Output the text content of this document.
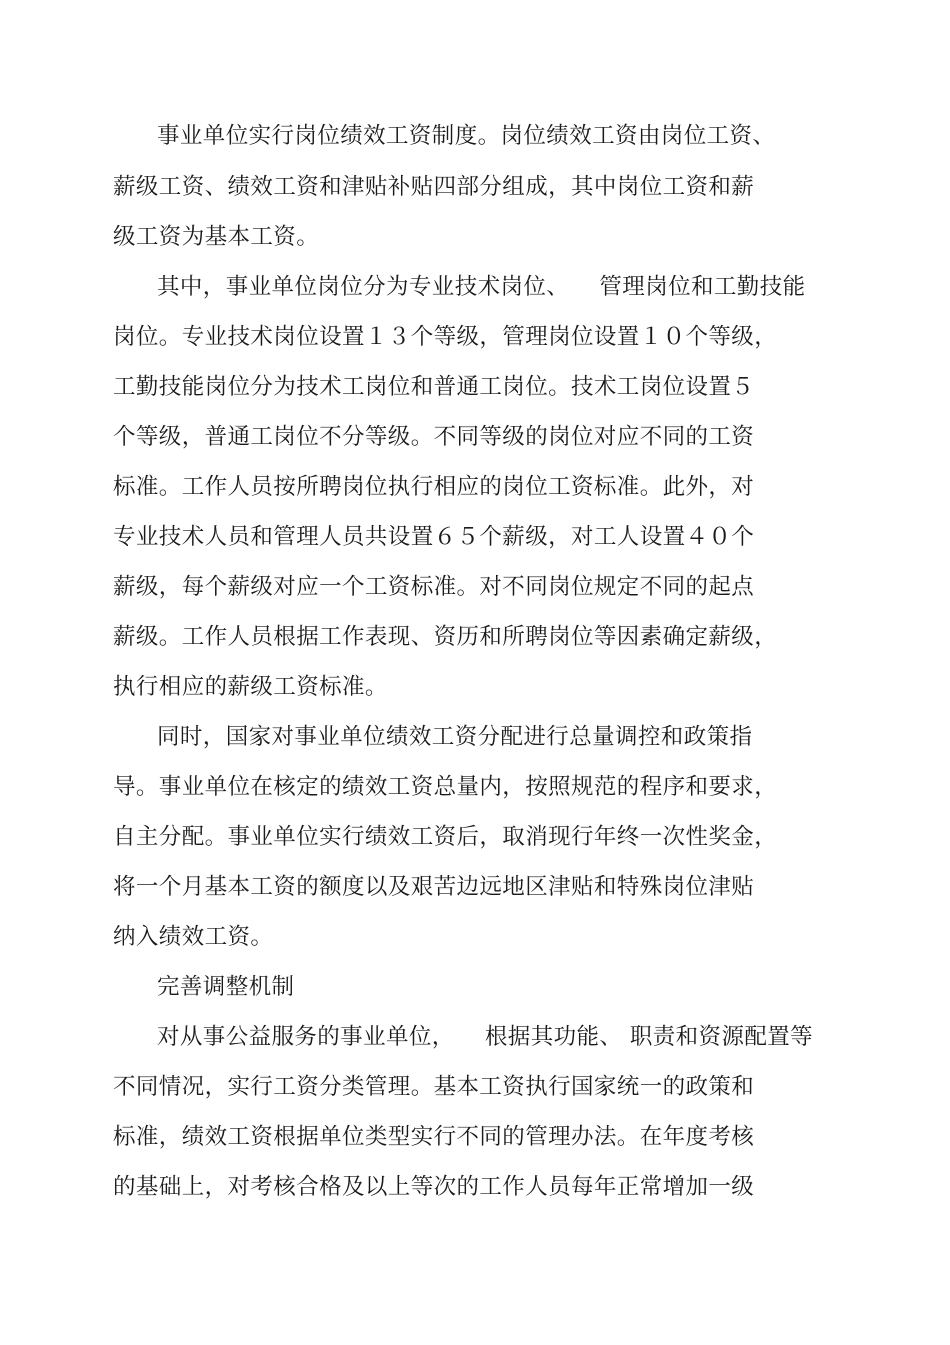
事业单位实行岗位绩效工资制度。岗位绩效工资由岗位工资、
薪级工资、绩效工资和津贴补贴四部分组成，其中岗位工资和薪
级工资为基本工资。
其中，事业单位岗位分为专业技术岗位、    管理岗位和工勤技能
岗位。专业技术岗位设置１３个等级，管理岗位设置１０个等级，
工勤技能岗位分为技术工岗位和普通工岗位。技术工岗位设置５
个等级，普通工岗位不分等级。不同等级的岗位对应不同的工资
标准。工作人员按所聘岗位执行相应的岗位工资标准。此外，对
专业技术人员和管理人员共设置６５个薪级，对工人设置４０个
薪级，每个薪级对应一个工资标准。对不同岗位规定不同的起点
薪级。工作人员根据工作表现、资历和所聘岗位等因素确定薪级，
执行相应的薪级工资标准。
同时，国家对事业单位绩效工资分配进行总量调控和政策指
导。事业单位在核定的绩效工资总量内，按照规范的程序和要求，
自主分配。事业单位实行绩效工资后，取消现行年终一次性奖金，
将一个月基本工资的额度以及艰苦边远地区津贴和特殊岗位津贴
纳入绩效工资。
完善调整机制
对从事公益服务的事业单位，    根据其功能、 职责和资源配置等
不同情况，实行工资分类管理。基本工资执行国家统一的政策和
标准，绩效工资根据单位类型实行不同的管理办法。在年度考核
的基础上，对考核合格及以上等次的工作人员每年正常增加一级
